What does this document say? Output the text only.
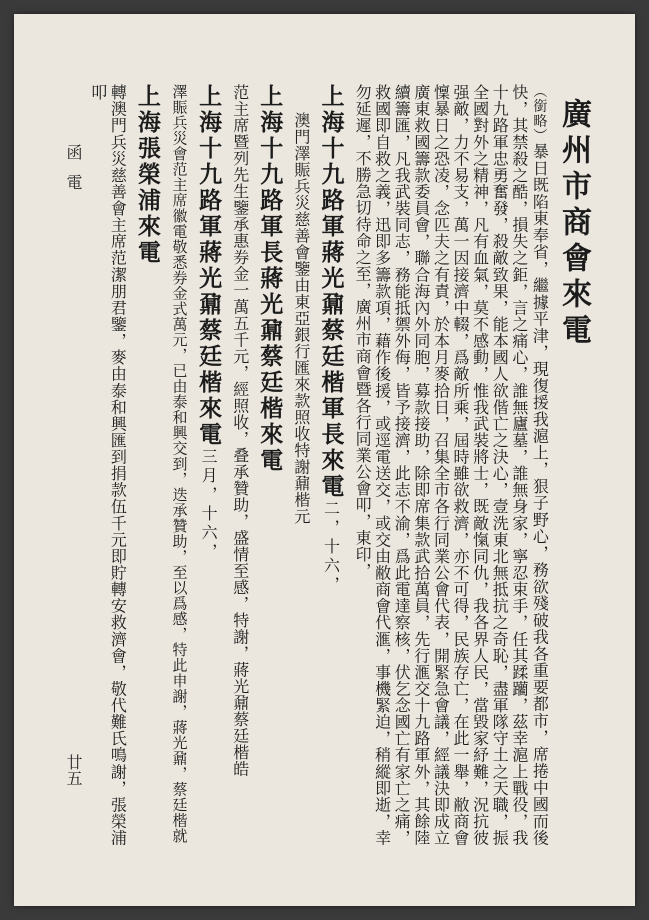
函電
廿五
廣州市商會來電

（銜略）暴日既陷東奉省，繼據平津，現復援我滬上，狠子野心，務欲殘破我各重要都市，席捲中國而後快，其禁殺之酷，損失之鉅，言之痛心，誰無廬墓，誰無身家，寧忍束手，任其蹂躪，茲幸滬上戰役，我十九路軍忠勇奮發，殺敵致果，能本國人欲偕亡之決心，壹洗東北無抵抗之奇恥，盡軍隊守土之天職，振全國對外之精神，凡有血氣，莫不感動，惟我武裝將士，既敵愾同仇，我各界人民，當毀家紓難，況抗彼强敵，力不易支，萬一因接濟中輟，爲敵所乘，屆時雖欲救濟，亦不可得，民族存亡，在此一舉，敝商會懍暴日之恐凌，念匹夫之有責，於本月麥拾日，召集全市各行同業公會代表，開緊急會議，經議決即成立廣東救國籌款委員會，聯合海內外同胞，募款接助，除即席集款武拾萬員，先行滙交十九路軍外，其餘陸續籌匯，凡我武裝同志，務能抵禦外侮，皆予接濟，此志不渝，爲此電達察核，伏乞念國亡有家亡之痛，救國即自救之義，迅即多籌款項，藉作後援，或逕電送交，或交由敝商會代滙，事機緊迫，稍縱即逝，幸勿延遲，不勝急切待命之至，廣州市商會暨各行同業公會叩，東印，

上海十九路軍蔣光鼐蔡廷楷軍長來電二，十六，

澳門澤賑兵災慈善會鑒由東亞銀行匯來款照收特謝鼐楷元

上海十九路軍長蔣光鼐蔡廷楷來電

范主席暨列先生鑒承惠券金一萬五千元，經照收，叠承贊助，盛情至感，特謝，蔣光鼐蔡廷楷皓

上海十九路軍蔣光鼐蔡廷楷來電三月，十六，

澤賑兵災會范主席徽電敬悉券金式萬元，已由泰和興交到，迭承贊助，至以爲感，特此申謝，蔣光鼐，蔡廷楷就

上海張榮浦來電

轉澳門兵災慈善會主席范潔朋君鑒，麥由泰和興匯到捐款伍千元即貯轉安救濟會，敬代難氏鳴謝，張榮浦叩
